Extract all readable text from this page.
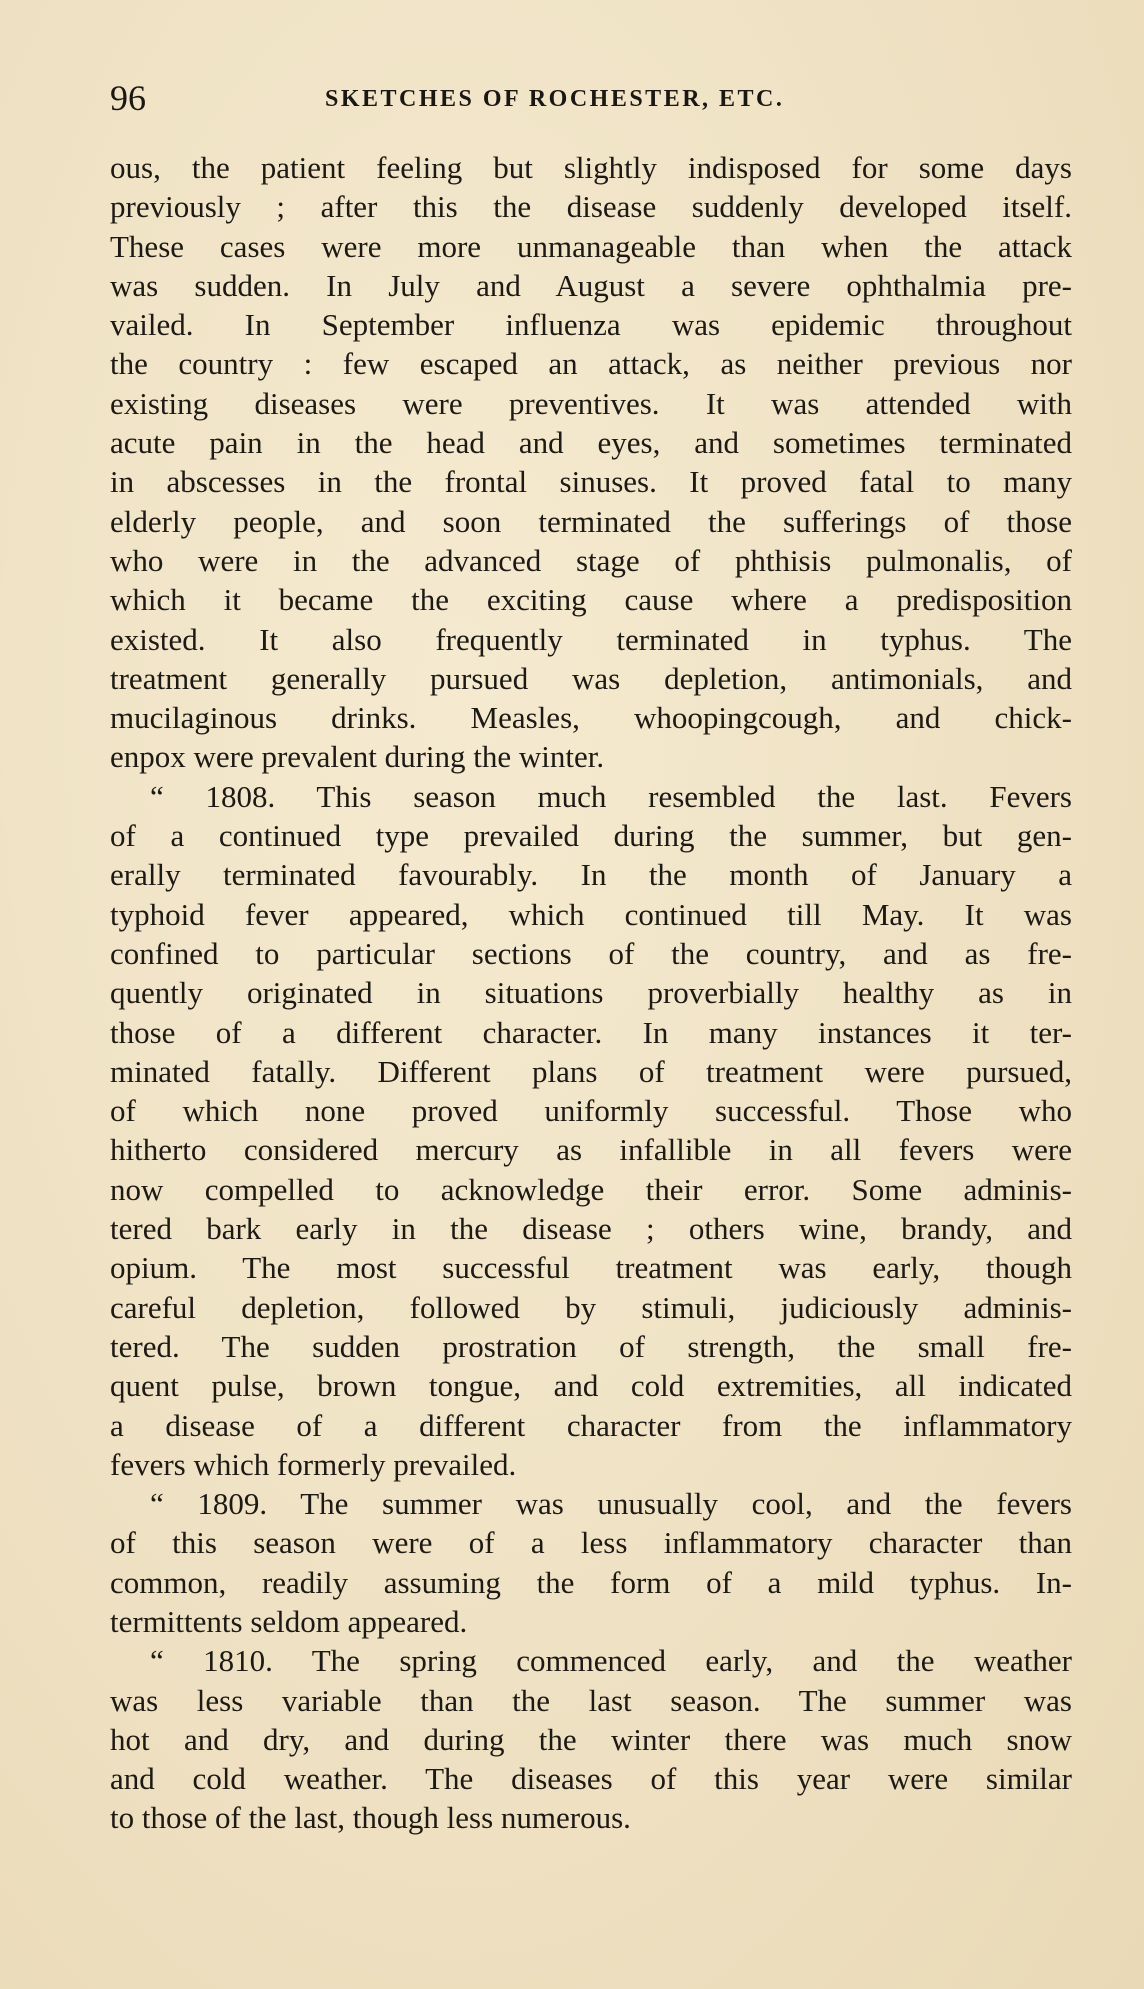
96	SKETCHES OF ROCHESTER, ETC.
ous, the patient feeling but slightly indisposed for some days
previously ; after this the disease suddenly developed itself.
These cases were more unmanageable than when the attack
was sudden. In July and August a severe ophthalmia pre-
vailed. In September influenza was epidemic throughout
the country : few escaped an attack, as neither previous nor
existing diseases were preventives. It was attended with
acute pain in the head and eyes, and sometimes terminated
in abscesses in the frontal sinuses. It proved fatal to many
elderly people, and soon terminated the sufferings of those
who were in the advanced stage of phthisis pulmonalis, of
which it became the exciting cause where a predisposition
existed. It also frequently terminated in typhus. The
treatment generally pursued was depletion, antimonials, and
mucilaginous drinks. Measles, whoopingcough, and chick-
enpox were prevalent during the winter.
“ 1808. This season much resembled the last. Fevers
of a continued type prevailed during the summer, but gen-
erally terminated favourably. In the month of January a
typhoid fever appeared, which continued till May. It was
confined to particular sections of the country, and as fre-
quently originated in situations proverbially healthy as in
those of a different character. In many instances it ter-
minated fatally. Different plans of treatment were pursued,
of which none proved uniformly successful. Those who
hitherto considered mercury as infallible in all fevers were
now compelled to acknowledge their error. Some adminis-
tered bark early in the disease ; others wine, brandy, and
opium. The most successful treatment was early, though
careful depletion, followed by stimuli, judiciously adminis-
tered. The sudden prostration of strength, the small fre-
quent pulse, brown tongue, and cold extremities, all indicated
a disease of a different character from the inflammatory
fevers which formerly prevailed.
“ 1809. The summer was unusually cool, and the fevers
of this season were of a less inflammatory character than
common, readily assuming the form of a mild typhus. In-
termittents seldom appeared.
“ 1810. The spring commenced early, and the weather
was less variable than the last season. The summer was
hot and dry, and during the winter there was much snow
and cold weather. The diseases of this year were similar
to those of the last, though less numerous.
